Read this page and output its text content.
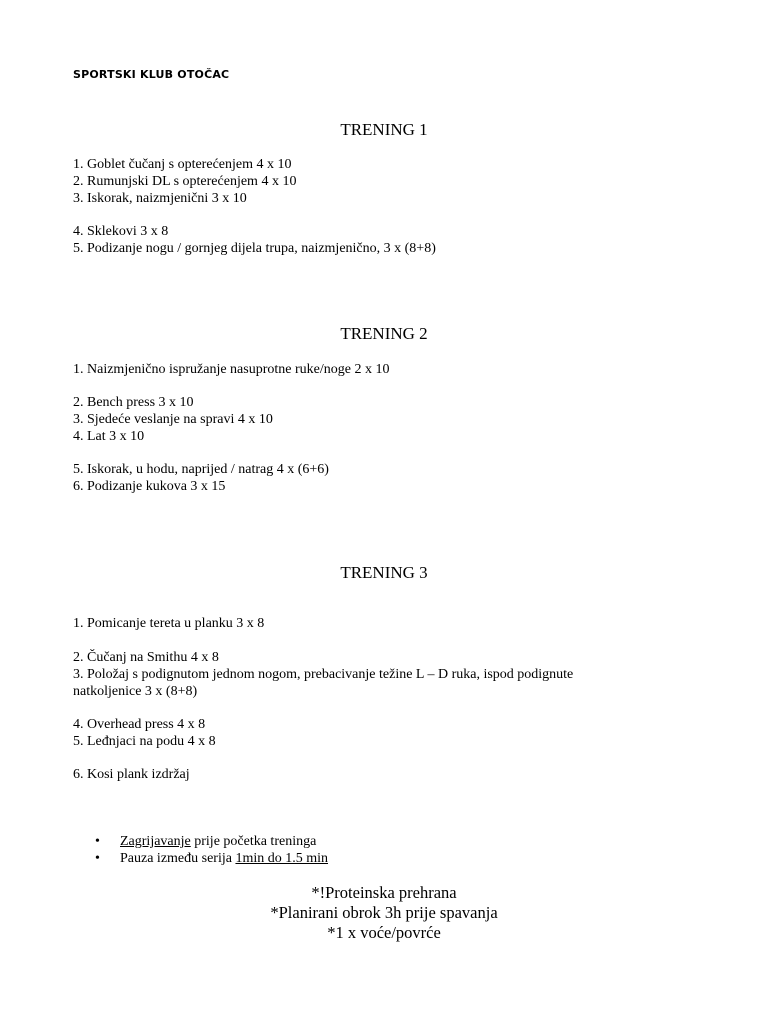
SPORTSKI KLUB OTOČAC
TRENING 1
1. Goblet čučanj s opterećenjem 4 x 10
2. Rumunjski DL s opterećenjem 4 x 10
3. Iskorak, naizmjenični 3 x 10
4. Sklekovi 3 x 8
5. Podizanje nogu / gornjeg dijela trupa, naizmjenično, 3 x (8+8)
TRENING 2
1. Naizmjenično ispružanje nasuprotne ruke/noge 2 x 10
2. Bench press 3 x 10
3. Sjedeće veslanje na spravi 4 x 10
4. Lat 3 x 10
5. Iskorak, u hodu, naprijed / natrag 4 x (6+6)
6. Podizanje kukova 3 x 15
TRENING 3
1. Pomicanje tereta u planku 3 x 8
2. Čučanj na Smithu 4 x 8
3. Položaj s podignutom jednom nogom, prebacivanje težine L – D ruka, ispod podignute
natkoljenice 3 x (8+8)
4. Overhead press 4 x 8
5. Leđnjaci na podu 4 x 8
6. Kosi plank izdržaj
• Zagrijavanje prije početka treninga
• Pauza između serija 1min do 1.5 min
*!Proteinska prehrana
*Planirani obrok 3h prije spavanja
*1 x voće/povrće
